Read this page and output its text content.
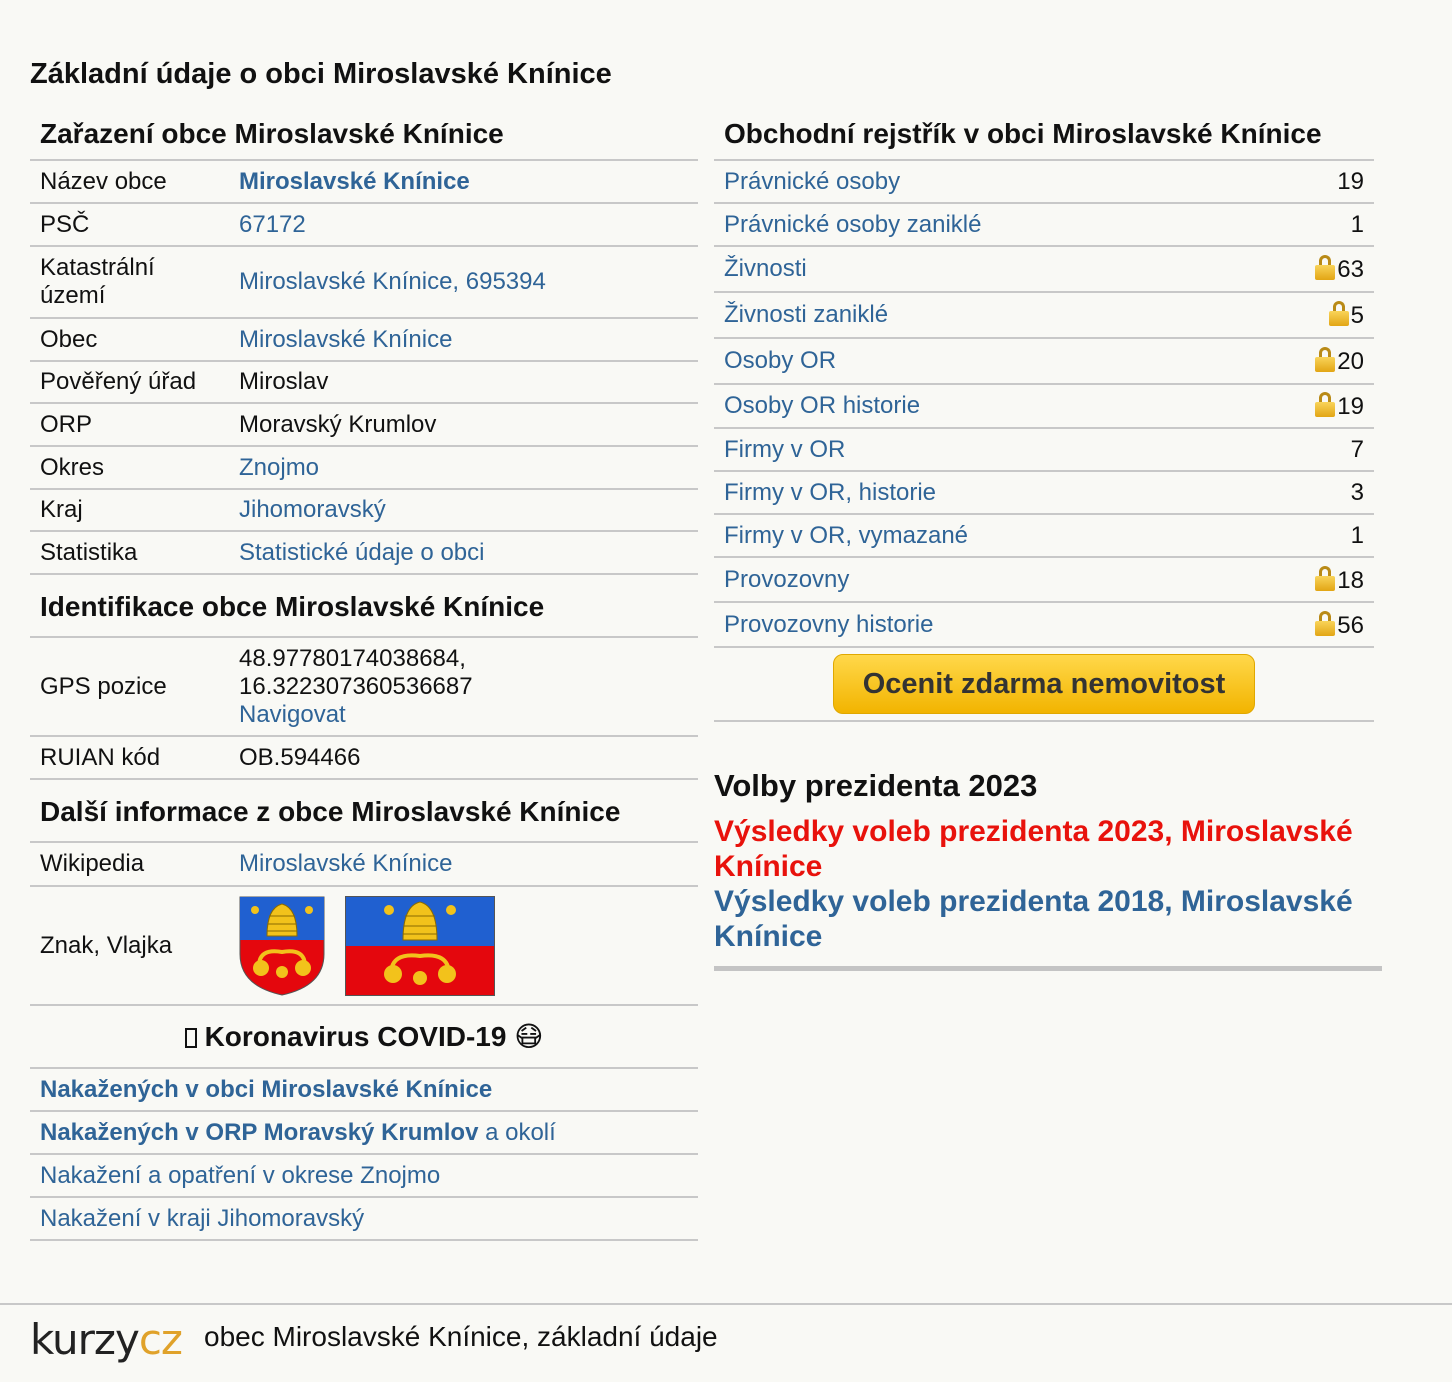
Základní údaje o obci Miroslavské Knínice
Zařazení obce Miroslavské Knínice
Název obce	Miroslavské Knínice
PSČ	67172
Katastrální území	Miroslavské Knínice, 695394
Obec	Miroslavské Knínice
Pověřený úřad	Miroslav
ORP	Moravský Krumlov
Okres	Znojmo
Kraj	Jihomoravský
Statistika	Statistické údaje o obci
Identifikace obce Miroslavské Knínice
GPS pozice	48.97780174038684,
16.322307360536687
Navigovat
RUIAN kód	OB.594466
Další informace z obce Miroslavské Knínice
Wikipedia	Miroslavské Knínice
Znak, Vlajka	
Koronavirus COVID-19 😷
Nakažených v obci Miroslavské Knínice
Nakažených v ORP Moravský Krumlov a okolí
Nakažení a opatření v okrese Znojmo
Nakažení v kraji Jihomoravský
Obchodní rejstřík v obci Miroslavské Knínice
Právnické osoby	19
Právnické osoby zaniklé	1
Živnosti	63
Živnosti zaniklé	5
Osoby OR	20
Osoby OR historie	19
Firmy v OR	7
Firmy v OR, historie	3
Firmy v OR, vymazané	1
Provozovny	18
Provozovny historie	56
Ocenit zdarma nemovitost
Volby prezidenta 2023
Výsledky voleb prezidenta 2023, Miroslavské Knínice
Výsledky voleb prezidenta 2018, Miroslavské Knínice
kurzycz obec Miroslavské Knínice, základní údaje
